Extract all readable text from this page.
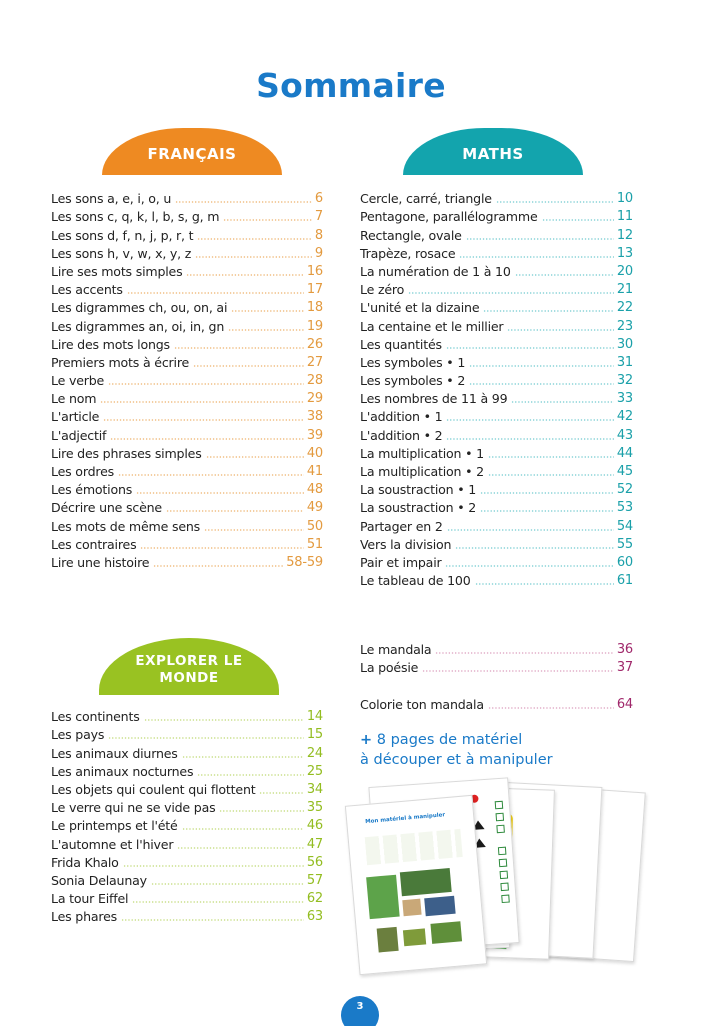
Sommaire
FRANÇAIS
Les sons a, e, i, o, u	6
Les sons c, q, k, l, b, s, g, m	7
Les sons d, f, n, j, p, r, t	8
Les sons h, v, w, x, y, z	9
Lire ses mots simples	16
Les accents	17
Les digrammes ch, ou, on, ai	18
Les digrammes an, oi, in, gn	19
Lire des mots longs	26
Premiers mots à écrire	27
Le verbe	28
Le nom	29
L'article	38
L'adjectif	39
Lire des phrases simples	40
Les ordres	41
Les émotions	48
Décrire une scène	49
Les mots de même sens	50
Les contraires	51
Lire une histoire	58-59
MATHS
Cercle, carré, triangle	10
Pentagone, parallélogramme	11
Rectangle, ovale	12
Trapèze, rosace	13
La numération de 1 à 10	20
Le zéro	21
L'unité et la dizaine	22
La centaine et le millier	23
Les quantités	30
Les symboles • 1	31
Les symboles • 2	32
Les nombres de 11 à 99	33
L'addition • 1	42
L'addition • 2	43
La multiplication • 1	44
La multiplication • 2	45
La soustraction • 1	52
La soustraction • 2	53
Partager en 2	54
Vers la division	55
Pair et impair	60
Le tableau de 100	61
EXPLORER LE
MONDE
Les continents	14
Les pays	15
Les animaux diurnes	24
Les animaux nocturnes	25
Les objets qui coulent qui flottent	34
Le verre qui ne se vide pas	35
Le printemps et l'été	46
L'automne et l'hiver	47
Frida Khalo	56
Sonia Delaunay	57
La tour Eiffel	62
Les phares	63
Le mandala	36
La poésie	37
Colorie ton mandala	64
+ 8 pages de matériel
à découper et à manipuler
Mon matériel à manipuler
3
